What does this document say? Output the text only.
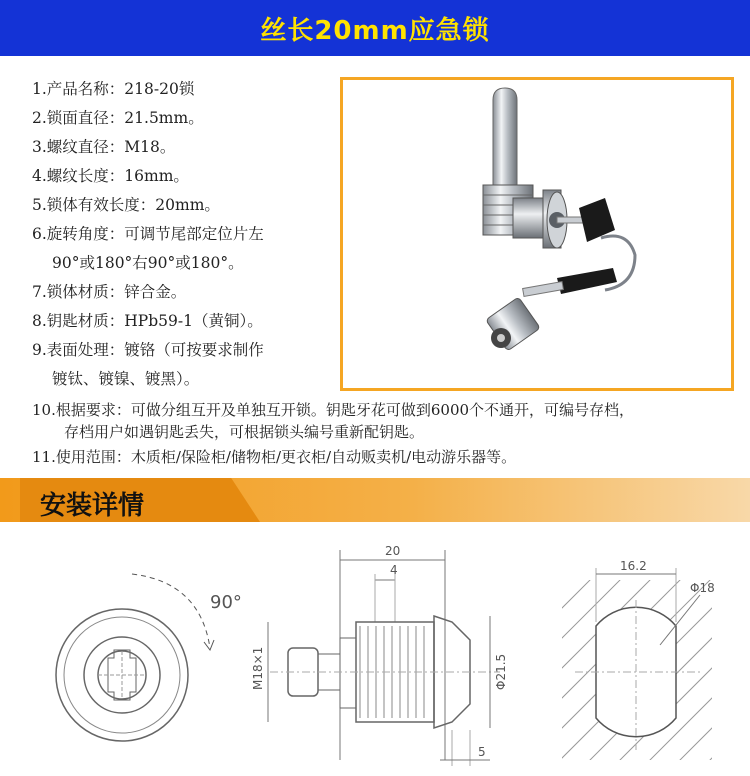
丝长20mm应急锁
1.产品名称：218-20锁
2.锁面直径：21.5mm。
3.螺纹直径：M18。
4.螺纹长度：16mm。
5.锁体有效长度：20mm。
6.旋转角度：可调节尾部定位片左
90°或180°右90°或180°。
7.锁体材质：锌合金。
8.钥匙材质：HPb59-1（黄铜）。
9.表面处理：镀铬（可按要求制作
镀钛、镀镍、镀黑）。
10.根据要求：可做分组互开及单独互开锁。钥匙牙花可做到6000个不通开，可编号存档，
存档用户如遇钥匙丢失，可根据锁头编号重新配钥匙。
11.使用范围：木质柜/保险柜/储物柜/更衣柜/自动贩卖机/电动游乐器等。
安装详情
90°
20
4
M18×1	Φ21.5
5
16.2
Φ18
